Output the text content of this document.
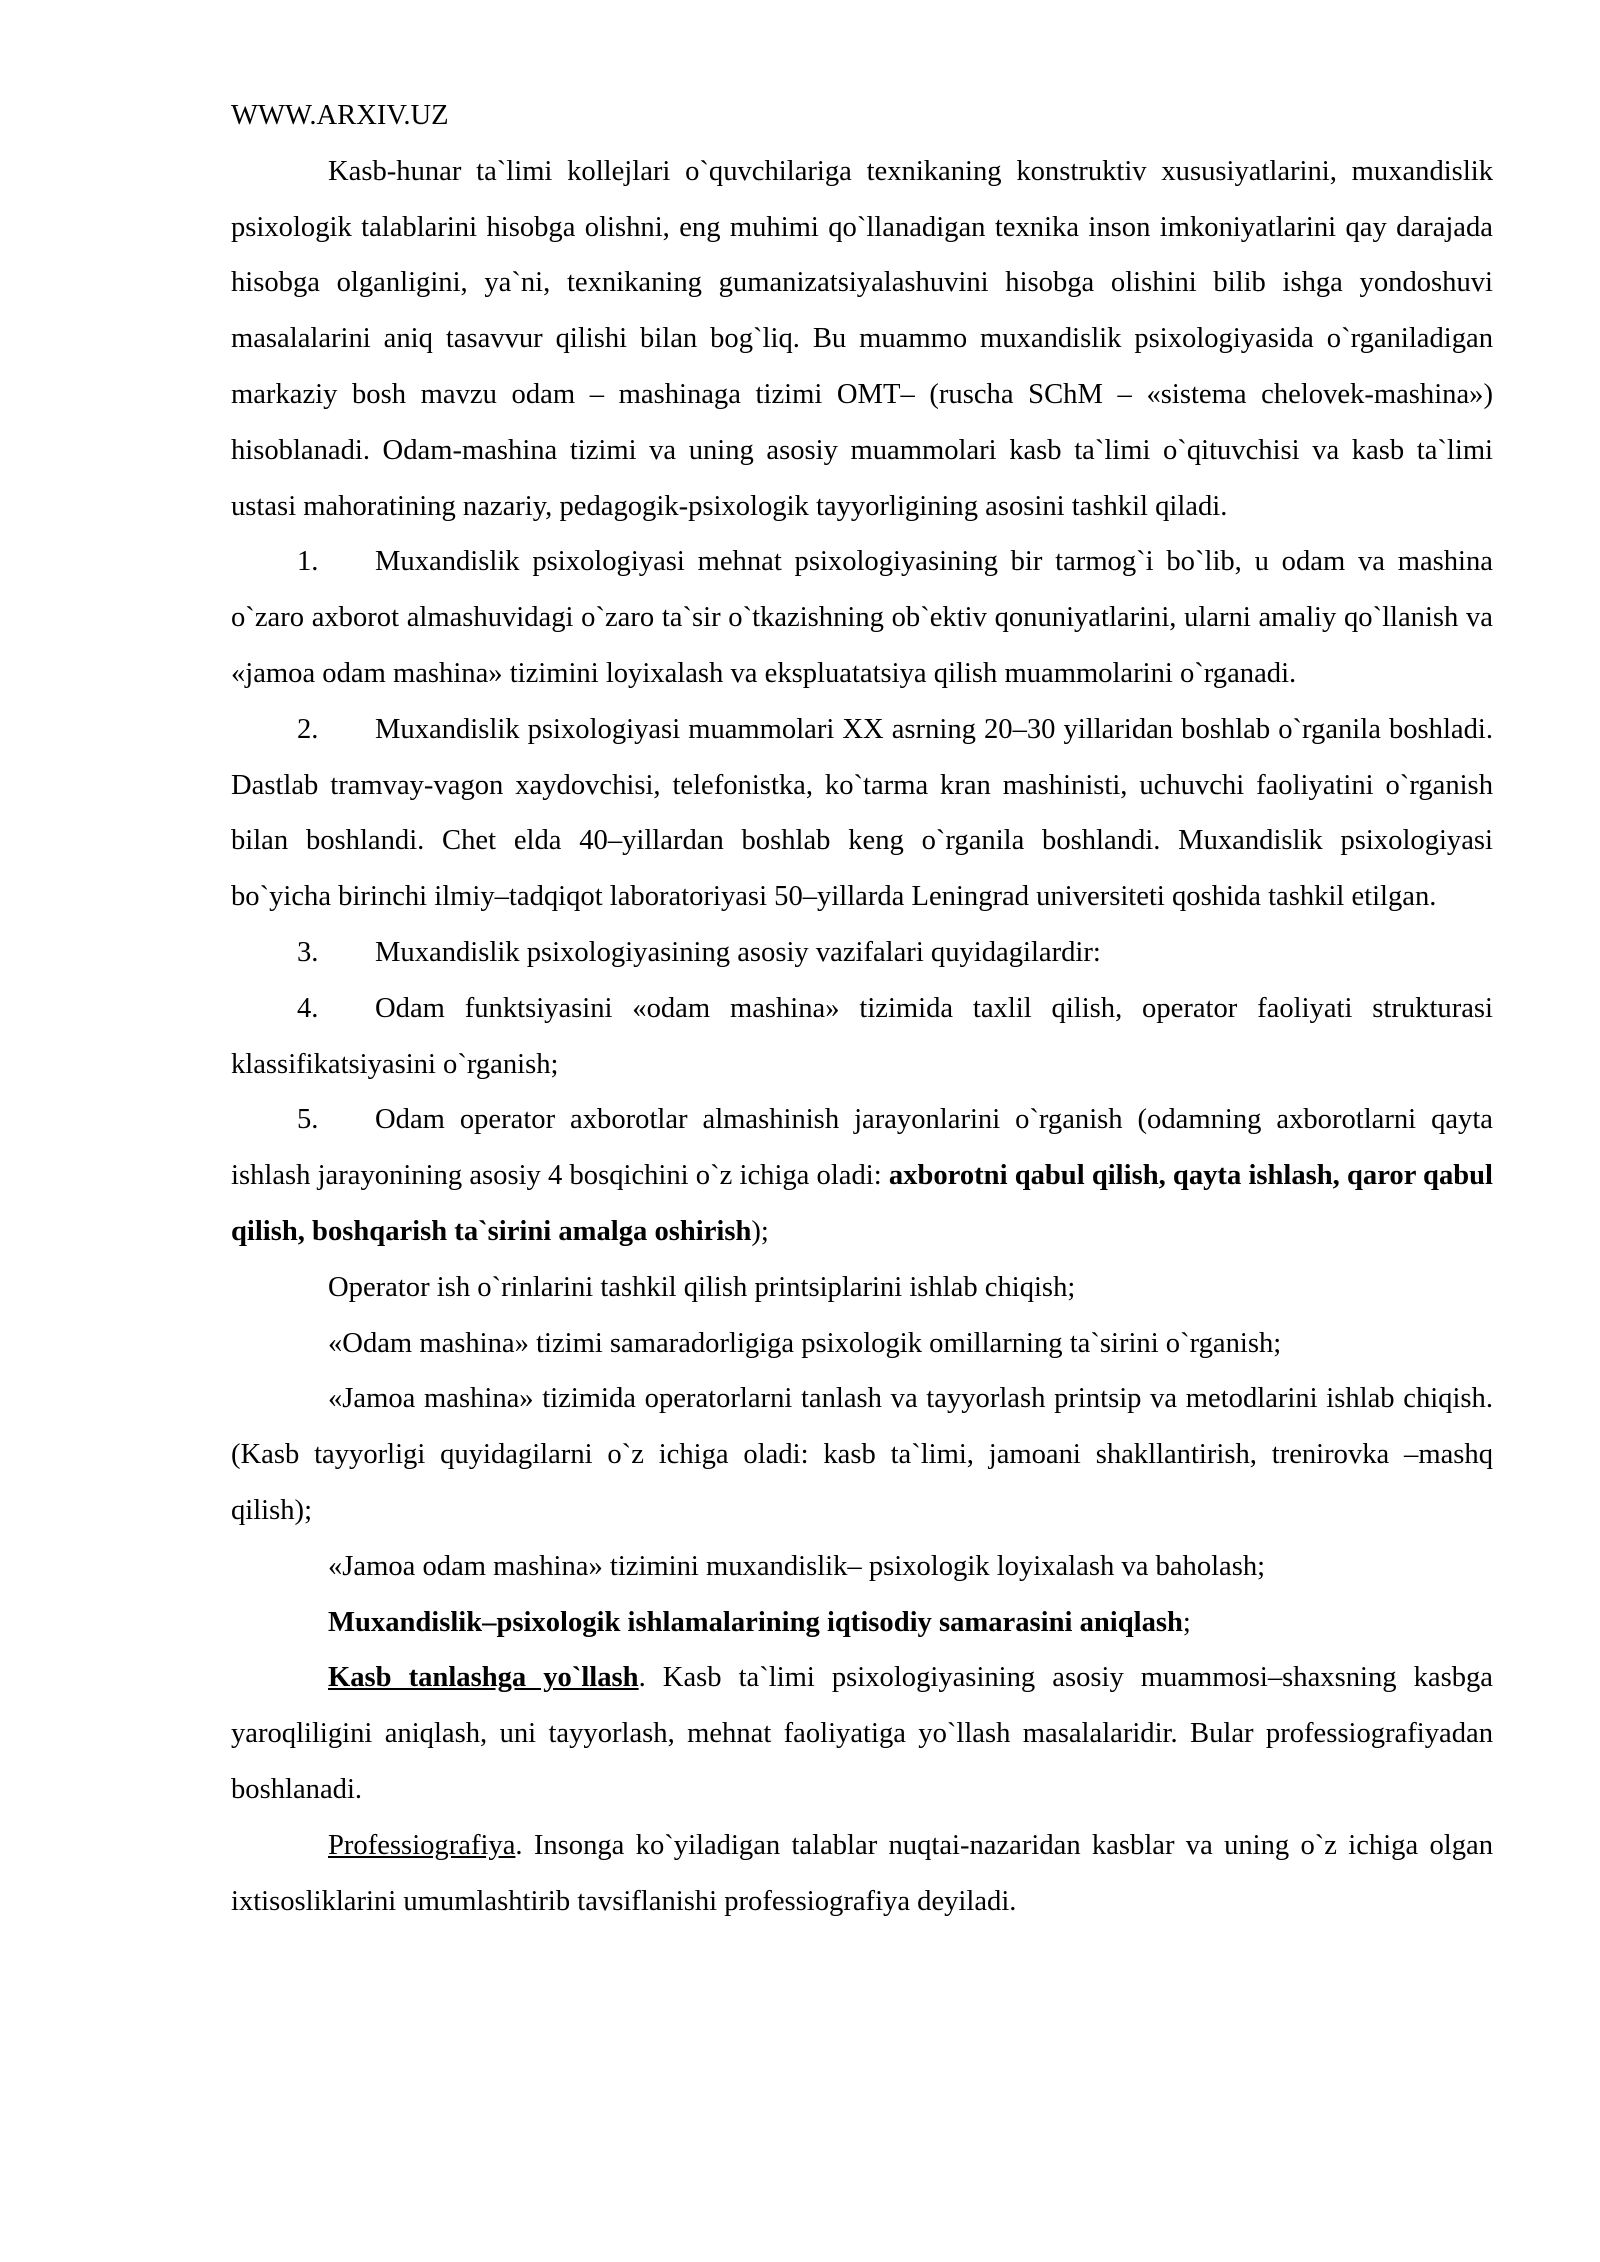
WWW.ARXIV.UZ

Kasb-hunar ta`limi kollejlari o`quvchilariga texnikaning konstruktiv xususiyatlarini, muxandislik psixologik talablarini hisobga olishni, eng muhimi qo`llanadigan texnika inson imkoniyatlarini qay darajada hisobga olganligini, ya`ni, texnikaning gumanizatsiyalashuvini hisobga olishini bilib ishga yondoshuvi masalalarini aniq tasavvur qilishi bilan bog`liq. Bu muammo muxandislik psixologiyasida o`rganiladigan markaziy bosh mavzu odam – mashinaga tizimi OMT– (ruscha SChM – «sistema chelovek-mashina») hisoblanadi. Odam-mashina tizimi va uning asosiy muammolari kasb ta`limi o`qituvchisi va kasb ta`limi ustasi mahoratining nazariy, pedagogik-psixologik tayyorligining asosini tashkil qiladi.

1. Muxandislik psixologiyasi mehnat psixologiyasining bir tarmog`i bo`lib, u odam va mashina o`zaro axborot almashuvidagi o`zaro ta`sir o`tkazishning ob`ektiv qonuniyatlarini, ularni amaliy qo`llanish va «jamoa odam mashina» tizimini loyixalash va ekspluatatsiya qilish muammolarini o`rganadi.

2. Muxandislik psixologiyasi muammolari XX asrning 20–30 yillaridan boshlab o`rganila boshladi. Dastlab tramvay-vagon xaydovchisi, telefonistka, ko`tarma kran mashinisti, uchuvchi faoliyatini o`rganish bilan boshlandi. Chet elda 40–yillardan boshlab keng o`rganila boshlandi. Muxandislik psixologiyasi bo`yicha birinchi ilmiy–tadqiqot laboratoriyasi 50–yillarda Leningrad universiteti qoshida tashkil etilgan.

3. Muxandislik psixologiyasining asosiy vazifalari quyidagilardir:

4. Odam funktsiyasini «odam mashina» tizimida taxlil qilish, operator faoliyati strukturasi klassifikatsiyasini o`rganish;

5. Odam operator axborotlar almashinish jarayonlarini o`rganish (odamning axborotlarni qayta ishlash jarayonining asosiy 4 bosqichini o`z ichiga oladi: axborotni qabul qilish, qayta ishlash, qaror qabul qilish, boshqarish ta`sirini amalga oshirish);

Operator ish o`rinlarini tashkil qilish printsiplarini ishlab chiqish;

«Odam mashina» tizimi samaradorligiga psixologik omillarning ta`sirini o`rganish;

«Jamoa mashina» tizimida operatorlarni tanlash va tayyorlash printsip va metodlarini ishlab chiqish. (Kasb tayyorligi quyidagilarni o`z ichiga oladi: kasb ta`limi, jamoani shakllantirish, trenirovka –mashq qilish);

«Jamoa odam mashina» tizimini muxandislik– psixologik loyixalash va baholash;

Muxandislik–psixologik ishlamalarining iqtisodiy samarasini aniqlash;

Kasb tanlashga yo`llash. Kasb ta`limi psixologiyasining asosiy muammosi–shaxsning kasbga yaroqliligini aniqlash, uni tayyorlash, mehnat faoliyatiga yo`llash masalalaridir. Bular professiografiyadan boshlanadi.

Professiografiya. Insonga ko`yiladigan talablar nuqtai-nazaridan kasblar va uning o`z ichiga olgan ixtisosliklarini umumlashtirib tavsiflanishi professiografiya deyiladi.
